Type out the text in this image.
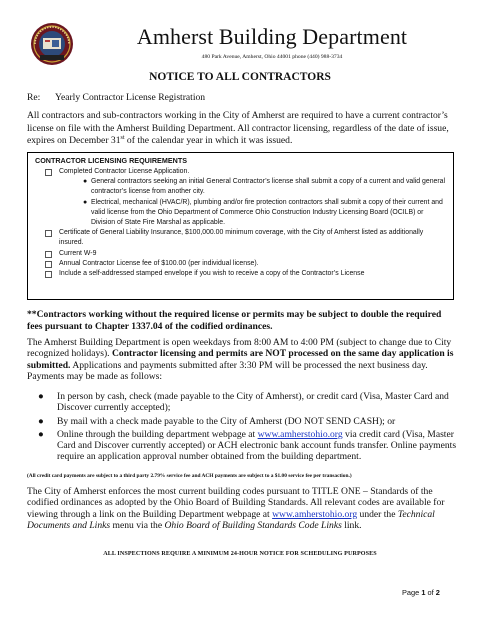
Amherst Building Department
480 Park Avenue, Amherst, Ohio 44001 phone (440) 988-3734
NOTICE TO ALL CONTRACTORS
Re: Yearly Contractor License Registration

All contractors and sub-contractors working in the City of Amherst are required to have a current contractor’s license on file with the Amherst Building Department. All contractor licensing, regardless of the date of issue, expires on December 31st of the calendar year in which it was issued.

CONTRACTOR LICENSING REQUIREMENTS
Completed Contractor License Application.
● General contractors seeking an initial General Contractor’s license shall submit a copy of a current and valid general contractor’s license from another city.
● Electrical, mechanical (HVAC/R), plumbing and/or fire protection contractors shall submit a copy of their current and valid license from the Ohio Department of Commerce Ohio Construction Industry Licensing Board (OCILB) or Division of State Fire Marshal as applicable.
Certificate of General Liability Insurance, $100,000.00 minimum coverage, with the City of Amherst listed as additionally insured.
Current W-9
Annual Contractor License fee of $100.00 (per individual license).
Include a self-addressed stamped envelope if you wish to receive a copy of the Contractor’s License

**Contractors working without the required license or permits may be subject to double the required fees pursuant to Chapter 1337.04 of the codified ordinances.

The Amherst Building Department is open weekdays from 8:00 AM to 4:00 PM (subject to change due to City recognized holidays). Contractor licensing and permits are NOT processed on the same day application is submitted. Applications and payments submitted after 3:30 PM will be processed the next business day. Payments may be made as follows:

● In person by cash, check (made payable to the City of Amherst), or credit card (Visa, Master Card and Discover currently accepted);
● By mail with a check made payable to the City of Amherst (DO NOT SEND CASH); or
● Online through the building department webpage at www.amherstohio.org via credit card (Visa, Master Card and Discover currently accepted) or ACH electronic bank account funds transfer. Online payments require an application approval number obtained from the building department.

(All credit card payments are subject to a third party 2.79% service fee and ACH payments are subject to a $1.00 service fee per transaction.)

The City of Amherst enforces the most current building codes pursuant to TITLE ONE – Standards of the codified ordinances as adopted by the Ohio Board of Building Standards. All relevant codes are available for viewing through a link on the Building Department webpage at www.amherstohio.org under the Technical Documents and Links menu via the Ohio Board of Building Standards Code Links link.

ALL INSPECTIONS REQUIRE A MINIMUM 24-HOUR NOTICE FOR SCHEDULING PURPOSES
Page 1 of 2
